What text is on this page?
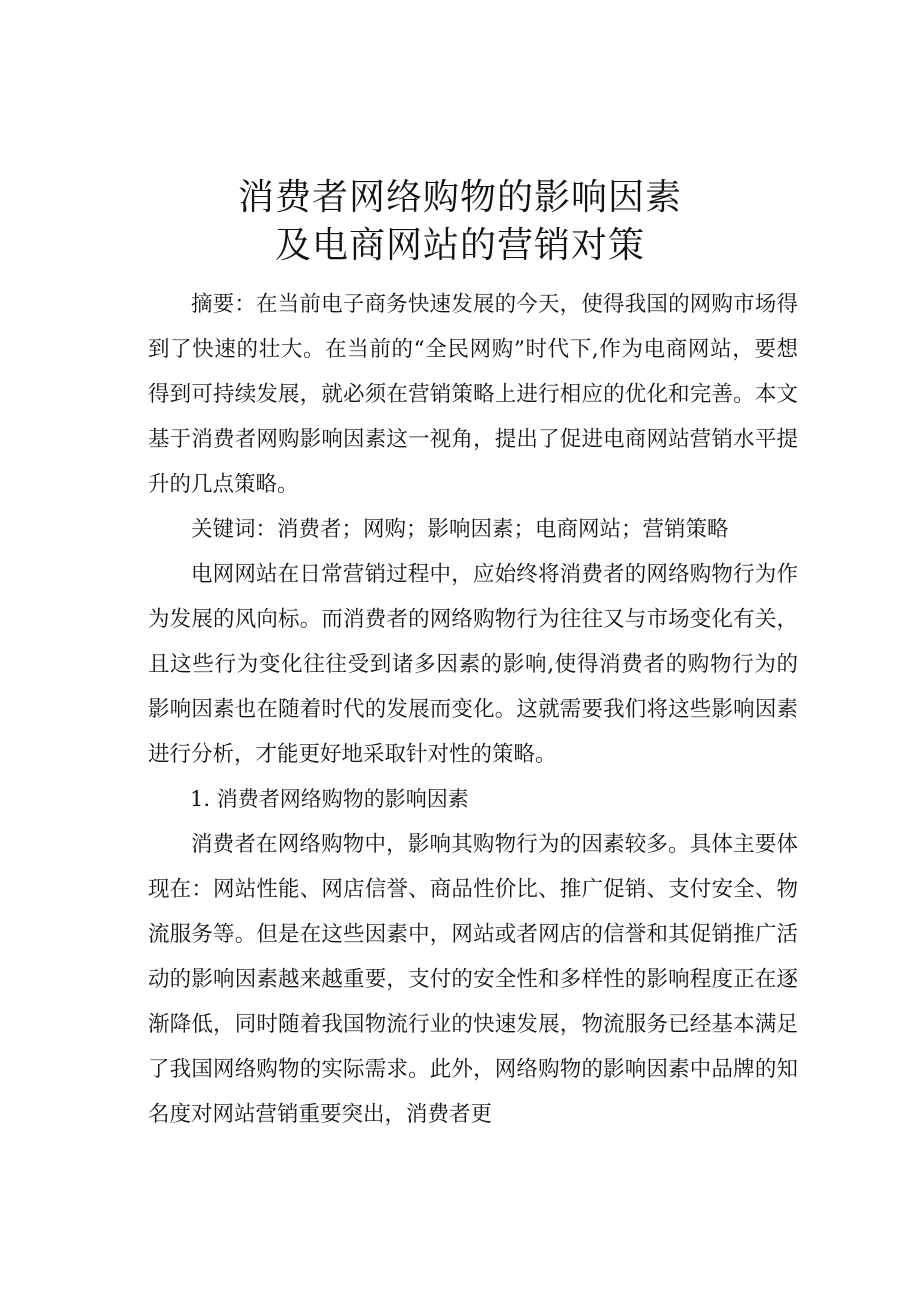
消费者网络购物的影响因素
及电商网站的营销对策

摘要：在当前电子商务快速发展的今天，使得我国的网购市场得到了快速的壮大。在当前的“全民网购”时代下,作为电商网站，要想得到可持续发展，就必须在营销策略上进行相应的优化和完善。本文基于消费者网购影响因素这一视角，提出了促进电商网站营销水平提升的几点策略。

关键词：消费者；网购；影响因素；电商网站；营销策略

电网网站在日常营销过程中，应始终将消费者的网络购物行为作为发展的风向标。而消费者的网络购物行为往往又与市场变化有关，且这些行为变化往往受到诸多因素的影响,使得消费者的购物行为的影响因素也在随着时代的发展而变化。这就需要我们将这些影响因素进行分析，才能更好地采取针对性的策略。

1. 消费者网络购物的影响因素

消费者在网络购物中，影响其购物行为的因素较多。具体主要体现在：网站性能、网店信誉、商品性价比、推广促销、支付安全、物流服务等。但是在这些因素中，网站或者网店的信誉和其促销推广活动的影响因素越来越重要，支付的安全性和多样性的影响程度正在逐渐降低，同时随着我国物流行业的快速发展，物流服务已经基本满足了我国网络购物的实际需求。此外，网络购物的影响因素中品牌的知名度对网站营销重要突出，消费者更
